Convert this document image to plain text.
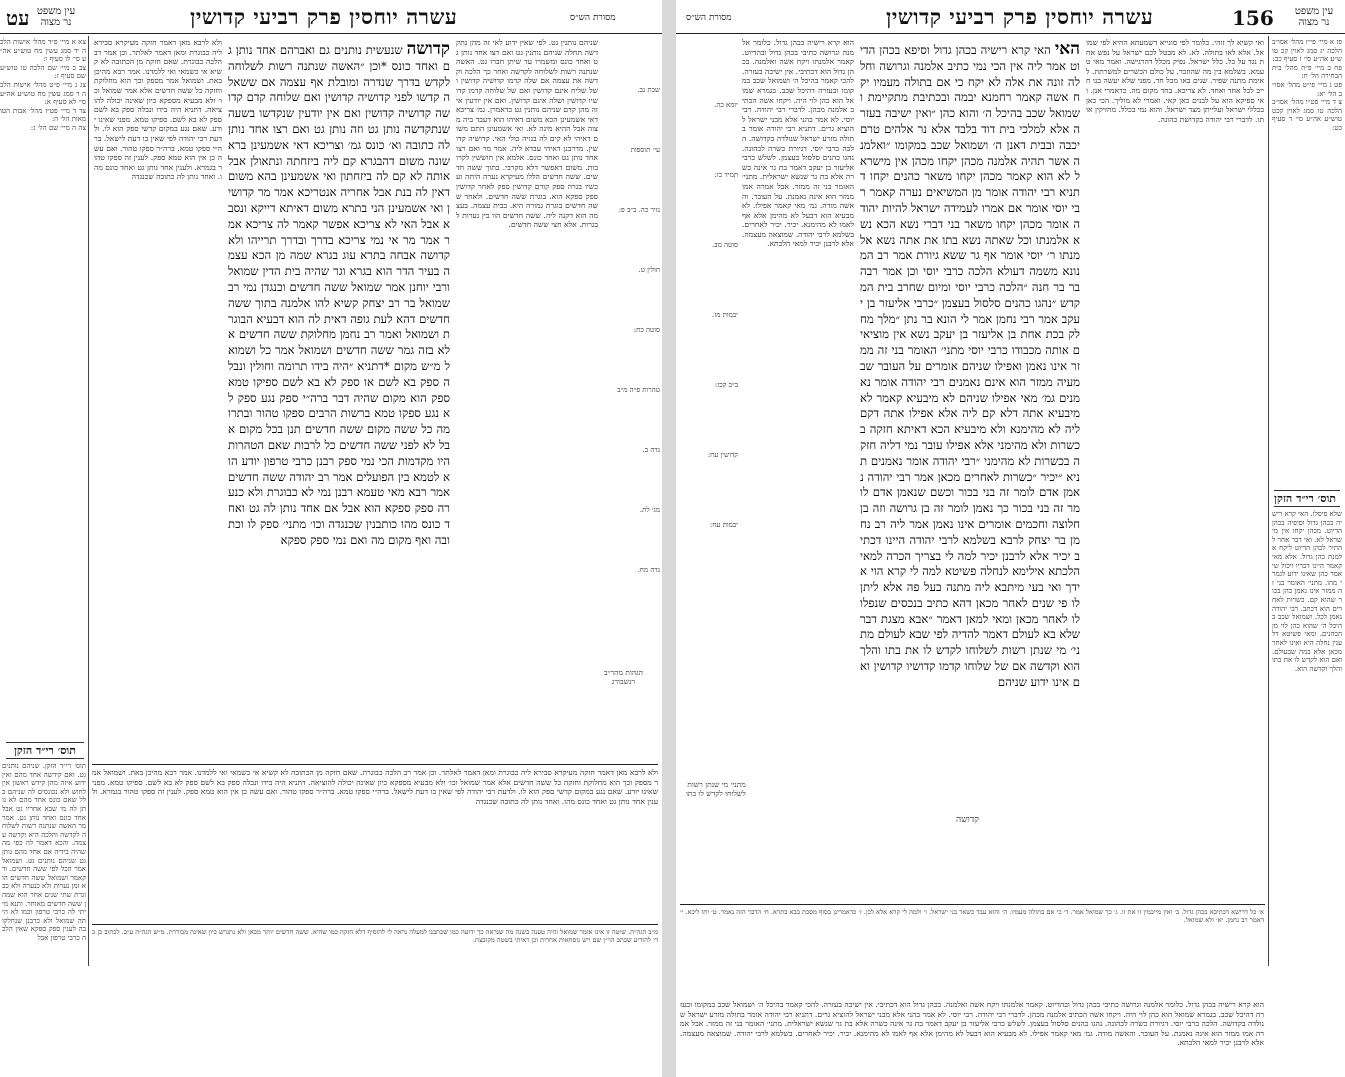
עט	עין משפט
נר מצוה	עשרה יוחסין פרק רביעי קדושין	מסורת הש״ס
צא א מיי׳ פ״ד מהל׳ אישות הלכה יד סמג עשין מח טוש״ע אה״ע סי׳ לו סעיף ו:
צב ב מיי׳ שם הלכה טו טוש״ע שם סעיף ז:
צג ג מיי׳ פ״ט מהל׳ אישות הלכה ד סמג עשין מח טוש״ע אה״ע סי׳ לא סעיף א:
צד ד מיי׳ פט״ז מהל׳ אבות הטומאות הל׳ ה:
צה ה מיי׳ שם הל׳ ג:
תוס׳ רי״ד הזקן
תוס׳ רי״ד הזקן. שניהם נותנים גט. ואם קידשה אחד מהם ואין ידוע איזה מהן קידש ראשון אין לחוש ולא נכונסים לה שניהם כלל שאם כונס אחד מהם לא נותן לה מי שבא אחריו גט אבל אחד כונס ואחד נותן גט. אמר מר האשה שנתנה רשות לשלוחה לקדשה והלכה היא וקדשה עצמה. והכא דאמר לה כפי מה שהיה בידיה אם אחד מהם נותן גט שניהם נותנים גט. ושמואל אמר הכל לפי ששה חדשים. ודקאמר ושמואל ששה חדשים הוא זמן נערות ולא כנערה ולא כבוגרת שתי שנים אחר הוא שמהן ששה חדשים מאוחר. ותנא מייתי לה כרבי טרפון וכמו לא היתה שמואל ולא כרבנן שנחלקו בה לענין ספק ספקא שאין הלכה כרבי טרפון אבל
ולא לרבא מאן דאמר חזקה מעיקרא סבירא ליה כבוגרת ומאן דאמר לאלתר. וכן אמר רב הלכה כבוגרת. שאם חזקה מן הכתובה לא קשיא אי כשמאי ואי ללמדנו. אמר רבא מהיכן באת. ושמואל אמר מספק וכך הוא מחלוקת וחזקה כל ששה חדשים אלא אמר שמואל וכו׳ ולא מבעיא מספקא כיון שאינה יכולה להוציאה. דתניא היה בידו ונבלה ספק בא לשם ספק לא בא לשם. ספיקו טמא. מפני שאינו יודע. שאם נגע במקום קדשי ספק הוא לו. ולדעת רבי יהודה לפי שאין בו דעת לישאל. ברה״י ספקו טמא. ברה״ר ספקו טהור. ואם עשה כן אין הוא טמא ספק. לענין זה ספקו טהור בגמרא. ולענין אחד נותן גט ואחד כונס מהו. ואחד נותן לה כתובה שכנגדה
קדושה שנעשית נותנים גם ואברהם אחד נותן גם ואחד כונס *וכן ״האשה שנתנה רשות לשלוחה לקדש בדרך שנדרה ומובלת אף עצמה אם ששאלה קדשו לפני קדושיה קדושין ואם שלוחה קדם קדושה קדושיה קדושין ואם אין יודעין שנקדשו בשעה שנתקדשה נותן גט וזה נותן גט ואם רצו אחד נותן לה כתובה וא׳ כונס גמ׳ וצריכא דאי אשמעינן בראשונה משום דהבגרא קם ליה ביזחתה ונתאולן אבל אותה לא קם לה ביזחתון ואי אשמעינן בהא משום דאין לה בנת אבל אחריה אנטריכא אמר מר קדושין ואי אשמעינן הני בתרא משום דאיתא דייקא ונסבא אבל האי לא צריכא אפשר קאמר לה צריכא אמר אמר מר אי נמי צריכא בדרך ובדרך תרייהו ולא קדושה אבחה בתרא עוג בגרא שמה מן הכא עצמה בעיר הדר הוא בגרא וגר שהיה בית הדין שמואל ורבי יוחנן אמר שמואל ששה חדשים וכנגדן נמי רב שמואל בר רב יצחק קשיא להו אלמנה בתוך ששה חדשים דהא לעת גופה דאית לה הוא דבעיא הבוגרת ושמואל ואמר רב נחמן מחלוקת ששה חדשים אלא בזה גמר ששה חדשים ושמואל אמר כל ושמואל מ״ש מקום *דתניא ״היה בידו תרומה וחולין ונבלה ספק בא לשם או ספק לא בא לשם ספיקו טמא ספק הוא מקום שהיה דבר ברה״י ספק נגע ספק לא נגע ספקו טמא ברשות הרבים ספקו טהור ובתרומה כל ששה מקום ששה חדשים תנן בכל מקום אבל לא לפני ששה חדשים כל לרבות שאם הטהרות היו מקדמות הכי נמי ספק רבנן כרבי טרפון יודע הוא לטמא בין הפועלים אמר רב יהודה ששה חדשים אמר רבא מאי טעמא רבנן נמי לא כבוגרת ולא כנערה ספק ספקא הוא אבל אם אחד נותן לה גט ואחד כונס מהו כותבנין שכנגדה וכו׳ מתני׳ ספק לו וכתובה ואף מקום מה ואם נמי ספק ספקא
שניהם נותנין גט. לפי שאין ידוע לאי זה מהן נתקדשה תחלה שניהם נותנין גט ואם רצו אחד נותן גט ואחד כונס ומשמרו עד שיתן חברו גט. האשה שנתנה רשות לשלוחה לקדשה ואחר כך הלכה וקדשה את עצמה אם שלה קדמו קדושיה קדושין ושל שליח אינם קדושין ואם של שלוחה קדמו קדושיו קדושין ושלה אינם קדושין. ואם אין יודעין איזה מהן קדם שניהם נותנין גט כדאמרן. גמ׳ צריכא דאי אשמעינן הכא משום דאיהו הוא דעבד ביה מצוה אבל ההיא מינה לא. ואי אשמעינן התם משום דאיהי לא קים לה בגויה כולי האי. קדושיה קדושין. מדרבנן דאיהי עבדא ליה. אמר מר ואם רצו אחד נותן גט ואחד כונס. אלמא אין חוששין לקרובות. משום דאפשר דלא מקרבי. בתוך ששה חדשים. ששה חדשים הללו מעיקרא נערה היתה ועכשיו בגרה ספק קודם קדושין ספק לאחר קדושין ספק ספקא הוא. בוגרת ששה חדשים. ולאחר ששה חדשים בוגרת גמורה היא. בבית עצמה. בעצמה הוא דקנה ליה. ששה חדשים הוו בין נערות לבגרות. אלא חצי ששה חדשים.
שבת נב.
עי׳ תוספות
נזיר כה. ב״ב פ:
חולין ט.
סוטה כח:
טהרות פ״ה מ״ב
נדה ב.
מג׳ לת.
נדה מח.
הגהות מהר״ב
רנשבורג
ולא לרבא מאן דאמר חזקה מעיקרא סבירא ליה כבוגרת ומאן דאמר לאלתר. וכן אמר רב הלכה כבוגרת. שאם חזקה מן הכתובה לא קשיא אי כשמאי ואי ללמדנו. אמר רבא מהיכן באת. ושמואל אמר מספק וכך הוא מחלוקת וחזקה כל ששה חדשים אלא אמר שמואל וכו׳ ולא מבעיא מספקא כיון שאינה יכולה להוציאה. דתניא היה בידו ונבלה ספק בא לשם ספק לא בא לשם. ספיקו טמא. מפני שאינו יודע. שאם נגע במקום קדשי ספק הוא לו. ולדעת רבי יהודה לפי שאין בו דעת לישאל. ברה״י ספקו טמא. ברה״ר ספקו טהור. ואם עשה כן אין הוא טמא ספק. לענין זה ספקו טהור בגמרא. ולענין אחד נותן גט ואחד כונס מהו. ואחד נותן לה כתובה שכנגדה
מ״ב הגה״ה. שיטה זו אינו אומר שמואל והיה טענה בשנה מה שנראה כך ידועה כמו שכתבנו למעלה נראה לי להוסיף דלא חזקה כמו שהיא. ששה חדשים יותר מכאן ולא נתגרש כיון שאינה מבוררת. מ״ש הגה״ה ע״ב. לכתוב כן כדי להודיע שכתב הר״ן שם ויש נוסחאות אחרות וכן ראיתי בשטה מקובצת.
מסורת הש״ס	עשרה יוחסין פרק רביעי קדושין	156	עין משפט
נר מצוה
יומא כה.
תמיד כז:
סוטה מב.
יבמות מז.
ב״ב קכז:
קדושין עח:
יבמות עח:
הוא קרא רישיה בכהן גדול. כלומר אלמנה וגרושה כתיבי בכהן גדול ובהדיוט. קאמר אלמנתו ויקח אשה ואלמנה. בכהן גדול הוא דכתיבי. אין ישיבה בעזרה. להכי קאמר בהיכל ה׳ ושמואל שכב במקומו ובעזרה דהיכל שכב. בגמרא שמואל הוא כהן לוי היה. ויקחו אשה הכתיב אלמנה מכהן. לדברי רבי יהודה. רבי יוסי. לא אמר בהני אלא מבני ישראל להוציא גרים. דתניא רבי יהודה אומר בתולה מזרע ישראל שנולדה בקדושה. הלכה כרבי יוסי. דגיורת כשרה לכהונה. נהגו כהנים סלסול בעצמן. לשלש כרבי אליעזר בן יעקב דאמר בת גר אינה כשרה אלא בת גר שנשא ישראלית. מתני׳ האומר בני זה ממזר. אבל אמרה אמו ממזר הוא אינה נאמנת. על העובר. והאשה מודה. גמ׳ מאי קאמר אפילו. לא מבעיא הוא דבעל לא מהימן אלא אף לאמו לא מהימנא. יכיר. יכיר לאחרים. בשלמא לרבי יהודה. שמוצאה מעצמה. אלא לרבנן יכיר למאי הלכתא.
האי האי קרא רישיה בכהן גדול וסיפא בכהן הדיוט אמר ליה אין הכי נמי כתיב אלמנה וגרושה וחללה זונה את אלה לא יקח כי אם בתולה מעמיו יקח אשה קאמר רחמנא יבמה ובכתיבת מתקיימת ושמואל שכב בהיכל ה׳ והוא כהן ״ואין ישיבה בעזרה אלא למלכי בית דוד בלבד אלא נר אלהים טרם יכבה ובבית דאנן ה׳ ושמואל שכב במקומו ״ואלמנה אשר תהיה אלמנה מכהן יקחו מכהן אין מישראל לא הוא קאמר מכהן יקחו משאר כהנים יקחו דתניא רבי יהודה אומר מן המשיאים נערה קאמר רבי יוסי אומר אם אמרו לעמידה ישראל להיות יהודה אומר מכהן יקחו משאר בני דברי נשא הכא נשא אלמנתו וכל שאתה נשא בתו את אתה נשא אלמנתו ר׳ יוסי אומר אף גר ששא גיורת אמר רב המנונא משמה דעולא הלכה כרבי יוסי וכן אמר רבה בר בר חנה ״הלכה כרבי יוסי ומיום שחרב בית המקדש ״נהגו כהנים סלסול בעצמן ״כרבי אליעזר בן יעקב אמר רבי נחמן אמר לי הונא בר נתן ״מלך מחלק בכת אחת בן אליעזר בן יעקב נשא אין מוציאים אותה מכבודו כרבי יוסי מתני׳ האומר בני זה ממזר אינו נאמן ואפילו שניהם אומרים על העובר שבמעיה ממזר הוא אינם נאמנים רבי יהודה אומר נאמנים גמ׳ מאי אפילו שניהם לא מיבעיא קאמר לא מיבעיא אתה דלא קם ליה אלא אפילו אתה דקם ליה לא מהימנא ולא מיבעיא הכא דאיתא חזקה בכשרות ולא מהימני אלא אפילו עובר נמי דליה חזקה בכשרות לא מהימני ״רבי יהודה אומר נאמנים תניא ״יכיר ״כשרות לאחרים מכאן אמר רבי יהודה נאמן אדם לומר זה בני בכור וכשם שנאמן אדם לומר זה בני בכור כך נאמן לומר זה בן גרושה וזה בן חלוצה וחכמים אומרים אינו נאמן אמר ליה רב נחמן בר יצחק לרבא בשלמא לרבי יהודה היינו דכתיב יכיר אלא לרבנן יכיר למה לי בצריך הכרה למאי הלכתא אילימא לנחלה פשיטא למה לי קרא הוי אידך ואי בעי מיתבא ליה מתנה בעל פה אלא ליתן לו פי שנים לאחר מכאן דהא כתיב בנכסים שנפלו לו לאחר מכאן ומאי למאן דאמר ״אבא מצגת דבר שלא בא לעולם דאמר להדיה לפי שבא לעולם מתני׳ מי שנתן רשות לשלוחו לקדש לו את בתו והלך הוא וקדשה אם של שלוחו קדמו קדושיו קדושין ואם אינו ידוע שניהם
קדושה
ואי קשיא לך זוהי. כלומר לפי סוגייא דשמעתא ההיא לפי שמואל. אלא לאו בתולה. לא. לא מבטל לכם ישראל על נפש אחת נגד על כל. כלל ישראל. נפיק מכלל דהרגישה. ואמר מאי טעמא. בשלמא בין מה שהוזכר. על כולם הכשרים למשרתת. לאימת מתנה שפיר. שנים באו מכל חד. מפני שלא יעשה בנו חייב לכל אחד ואחד. לא צריכא. בחד מקום מה. כדאמרי אנן. ואי ספיקא הוא על לבנים כאן קאי. ואמרי לא מוליך. הכי כאן בכללי ישראל ועלייתן מצד ישראל. והוא נמי בכלל. מחזיקין אותו. לדברי רבי יהודה בקדושת כהונה.
פז א מיי׳ פי״ז מהל׳ אסו״ב הלכה יג סמג לאוין קכ טוש״ע אה״ע סי׳ ז סעיף כב:
פח ב מיי׳ פ״ח מהל׳ בית הבחירה הל׳ ח:
פט ג מיי׳ פי״ט מהל׳ אסו״ב הל׳ יא:
צ ד מיי׳ פט״ו מהל׳ אסו״ב הלכה טו סמג לאוין קכט טוש״ע אה״ע סי׳ ד סעיף כט:
תוס׳ רי״ד הזקן
שלא פיסלו. האי קרא רישיה בכהן גדול וסיפיה בכהן הדיוט. מכהן יקחו אין מישראל לא. ואי דבר אחר להתיר לכהן הדיוט ליקח אלמנת כהן גדול. אלא מאי קאמר היינו דבריו ויכול שיאמר כהן שאינו ידוע לגמרי מהו. מתני׳ האומר בני זה ממזר אינו נאמן כהן בכור שהוא קם. כשרות לאחרים הוא דכתב. רבי יהודה נאמן לכל. ושמואל שכב בהיכל ה׳ שהוא כהן לוי מן הכהנים. ומאי פשיטא דלענין נחלה היא ואינו לאחר מכאן אלא במה שבעולם. ואם הוא לקדש לו את בתו והלך וקדשה הוא.
מתני׳ מי שנתן רשות
לשלוחו לקדש לו בתו
א׳ כל דרישא דכתיבא בכהן גדול. ב׳ ואין מייבמין זו את זו. ג׳ כך שמואל אמר. ד׳ כי אם בתולה מעמיו. ה׳ והוא עבד כשאר בני ישראל. ו׳ ולמה לי קרא אלא לכן. ז׳ כדאמרינן בסוף מסכת בבא בתרא. ח׳ הדבר הזה נאמר. ט׳ ותו ליכא. י׳ דאמר רב נחמן. יא׳ ולא שמואל.
הוא קרא רישיה בכהן גדול. כלומר אלמנה וגרושה כתיבי בכהן גדול ובהדיוט. קאמר אלמנתו ויקח אשה ואלמנה. בכהן גדול הוא דכתיבי. אין ישיבה בעזרה. להכי קאמר בהיכל ה׳ ושמואל שכב במקומו ובעזרה דהיכל שכב. בגמרא שמואל הוא כהן לוי היה. ויקחו אשה הכתיב אלמנה מכהן. לדברי רבי יהודה. רבי יוסי. לא אמר בהני אלא מבני ישראל להוציא גרים. דתניא רבי יהודה אומר בתולה מזרע ישראל שנולדה בקדושה. הלכה כרבי יוסי. דגיורת כשרה לכהונה. נהגו כהנים סלסול בעצמן. לשלש כרבי אליעזר בן יעקב דאמר בת גר אינה כשרה אלא בת גר שנשא ישראלית. מתני׳ האומר בני זה ממזר. אבל אמרה אמו ממזר הוא אינה נאמנת. על העובר. והאשה מודה. גמ׳ מאי קאמר אפילו. לא מבעיא הוא דבעל לא מהימן אלא אף לאמו לא מהימנא. יכיר. יכיר לאחרים. בשלמא לרבי יהודה. שמוצאה מעצמה. אלא לרבנן יכיר למאי הלכתא.
